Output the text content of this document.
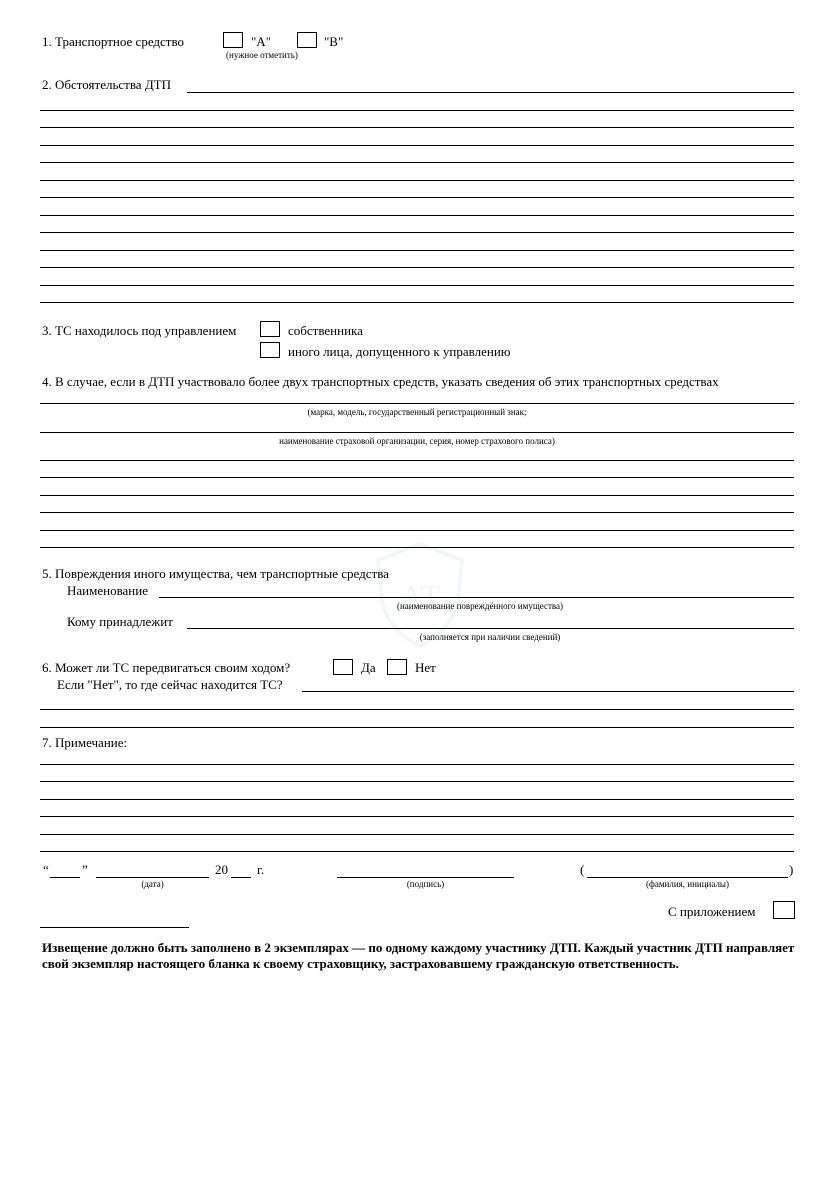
AT
1. Транспортное средство	"А"	"В"
(нужное отметить)
2. Обстоятельства ДТП
3. ТС находилось под управлением	собственника
иного лица, допущенного к управлению
4. В случае, если в ДТП участвовало более двух транспортных средств, указать сведения об этих транспортных средствах
(марка, модель, государственный регистрационный знак;
наименование страховой организации, серия, номер страхового полиса)
5. Повреждения иного имущества, чем транспортные средства
Наименование
(наименование повреждённого имущества)
Кому принадлежит
(заполняется при наличии сведений)
6. Может ли ТС передвигаться своим ходом?	Да	Нет
Если "Нет", то где сейчас находится ТС?
7. Примечание:
“	”
(дата)
20 г.
(подпись)
(
(фамилия, инициалы)
)
С приложением
Извещение должно быть заполнено в 2 экземплярах — по одному каждому участнику ДТП. Каждый участник ДТП направляет свой экземпляр настоящего бланка к своему страховщику, застраховавшему гражданскую ответственность.
